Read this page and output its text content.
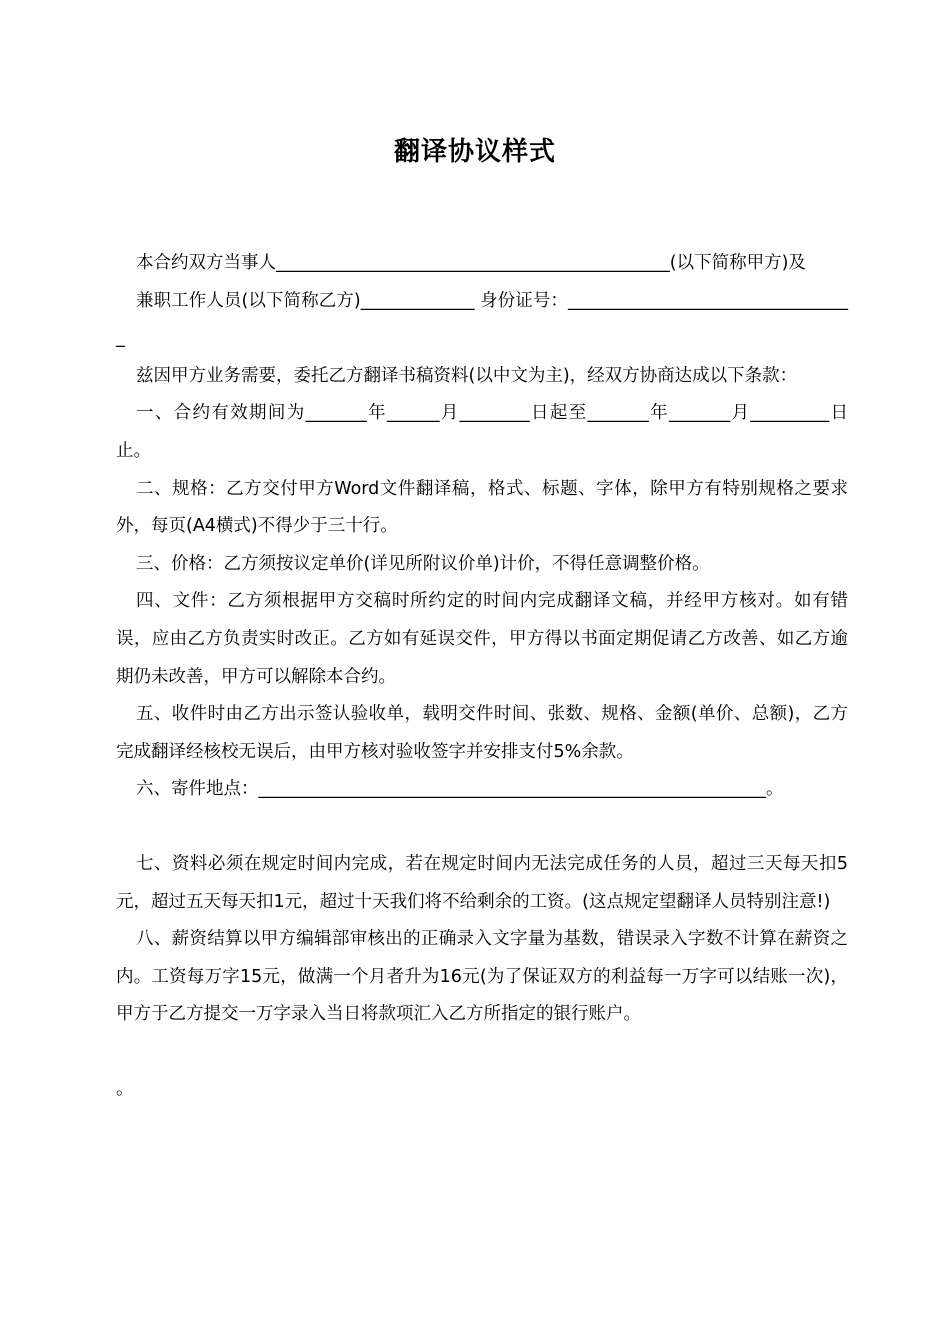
翻译协议样式

本合约双方当事人_____________________________________________(以下简称甲方)及

兼职工作人员(以下简称乙方)_____________ 身份证号：_________________________________

兹因甲方业务需要，委托乙方翻译书稿资料(以中文为主)，经双方协商达成以下条款：

一、合约有效期间为_______年______月________日起至_______年_______月_________日止。

二、规格：乙方交付甲方Word文件翻译稿，格式、标题、字体，除甲方有特别规格之要求外，每页(A4横式)不得少于三十行。

三、价格：乙方须按议定单价(详见所附议价单)计价，不得任意调整价格。

四、文件：乙方须根据甲方交稿时所约定的时间内完成翻译文稿，并经甲方核对。如有错误，应由乙方负责实时改正。乙方如有延误交件，甲方得以书面定期促请乙方改善、如乙方逾期仍未改善，甲方可以解除本合约。

五、收件时由乙方出示签认验收单，载明交件时间、张数、规格、金额(单价、总额)，乙方完成翻译经核校无误后，由甲方核对验收签字并安排支付5%余款。

六、寄件地点：__________________________________________________________。

七、资料必须在规定时间内完成，若在规定时间内无法完成任务的人员，超过三天每天扣5元，超过五天每天扣1元，超过十天我们将不给剩余的工资。(这点规定望翻译人员特别注意!)

八、薪资结算以甲方编辑部审核出的正确录入文字量为基数，错误录入字数不计算在薪资之内。工资每万字15元，做满一个月者升为16元(为了保证双方的利益每一万字可以结账一次)，甲方于乙方提交一万字录入当日将款项汇入乙方所指定的银行账户。

。
